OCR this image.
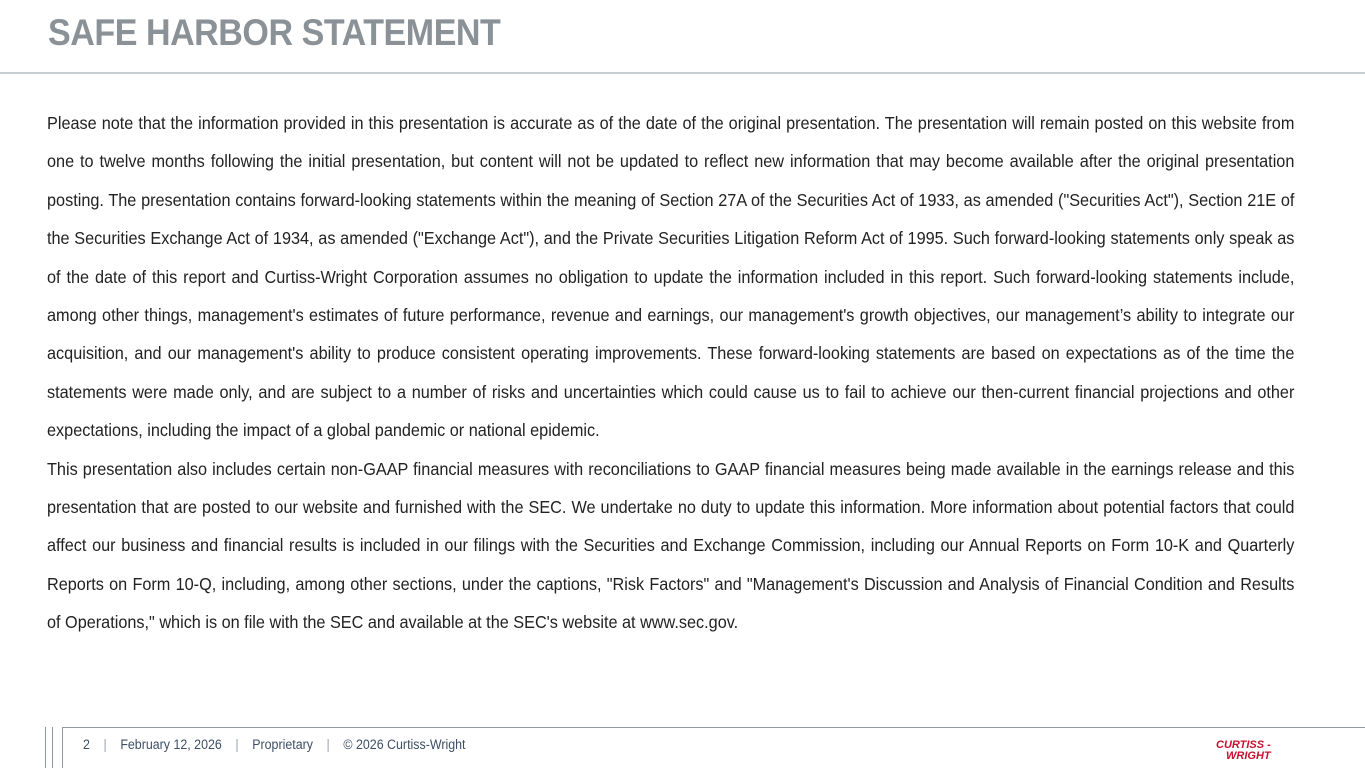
SAFE HARBOR STATEMENT

Please note that the information provided in this presentation is accurate as of the date of the original presentation. The presentation will remain posted on this website from one to twelve months following the initial presentation, but content will not be updated to reflect new information that may become available after the original presentation posting. The presentation contains forward-looking statements within the meaning of Section 27A of the Securities Act of 1933, as amended ("Securities Act"), Section 21E of the Securities Exchange Act of 1934, as amended ("Exchange Act"), and the Private Securities Litigation Reform Act of 1995. Such forward-looking statements only speak as of the date of this report and Curtiss-Wright Corporation assumes no obligation to update the information included in this report. Such forward-looking statements include, among other things, management's estimates of future performance, revenue and earnings, our management's growth objectives, our management’s ability to integrate our acquisition, and our management's ability to produce consistent operating improvements. These forward-looking statements are based on expectations as of the time the statements were made only, and are subject to a number of risks and uncertainties which could cause us to fail to achieve our then-current financial projections and other expectations, including the impact of a global pandemic or national epidemic.

This presentation also includes certain non-GAAP financial measures with reconciliations to GAAP financial measures being made available in the earnings release and this presentation that are posted to our website and furnished with the SEC. We undertake no duty to update this information. More information about potential factors that could affect our business and financial results is included in our filings with the Securities and Exchange Commission, including our Annual Reports on Form 10-K and Quarterly Reports on Form 10-Q, including, among other sections, under the captions, "Risk Factors" and "Management's Discussion and Analysis of Financial Condition and Results of Operations," which is on file with the SEC and available at the SEC's website at www.sec.gov.

2 | February 12, 2026 | Proprietary | © 2026 Curtiss-Wright	CURTISS -
WRIGHT
